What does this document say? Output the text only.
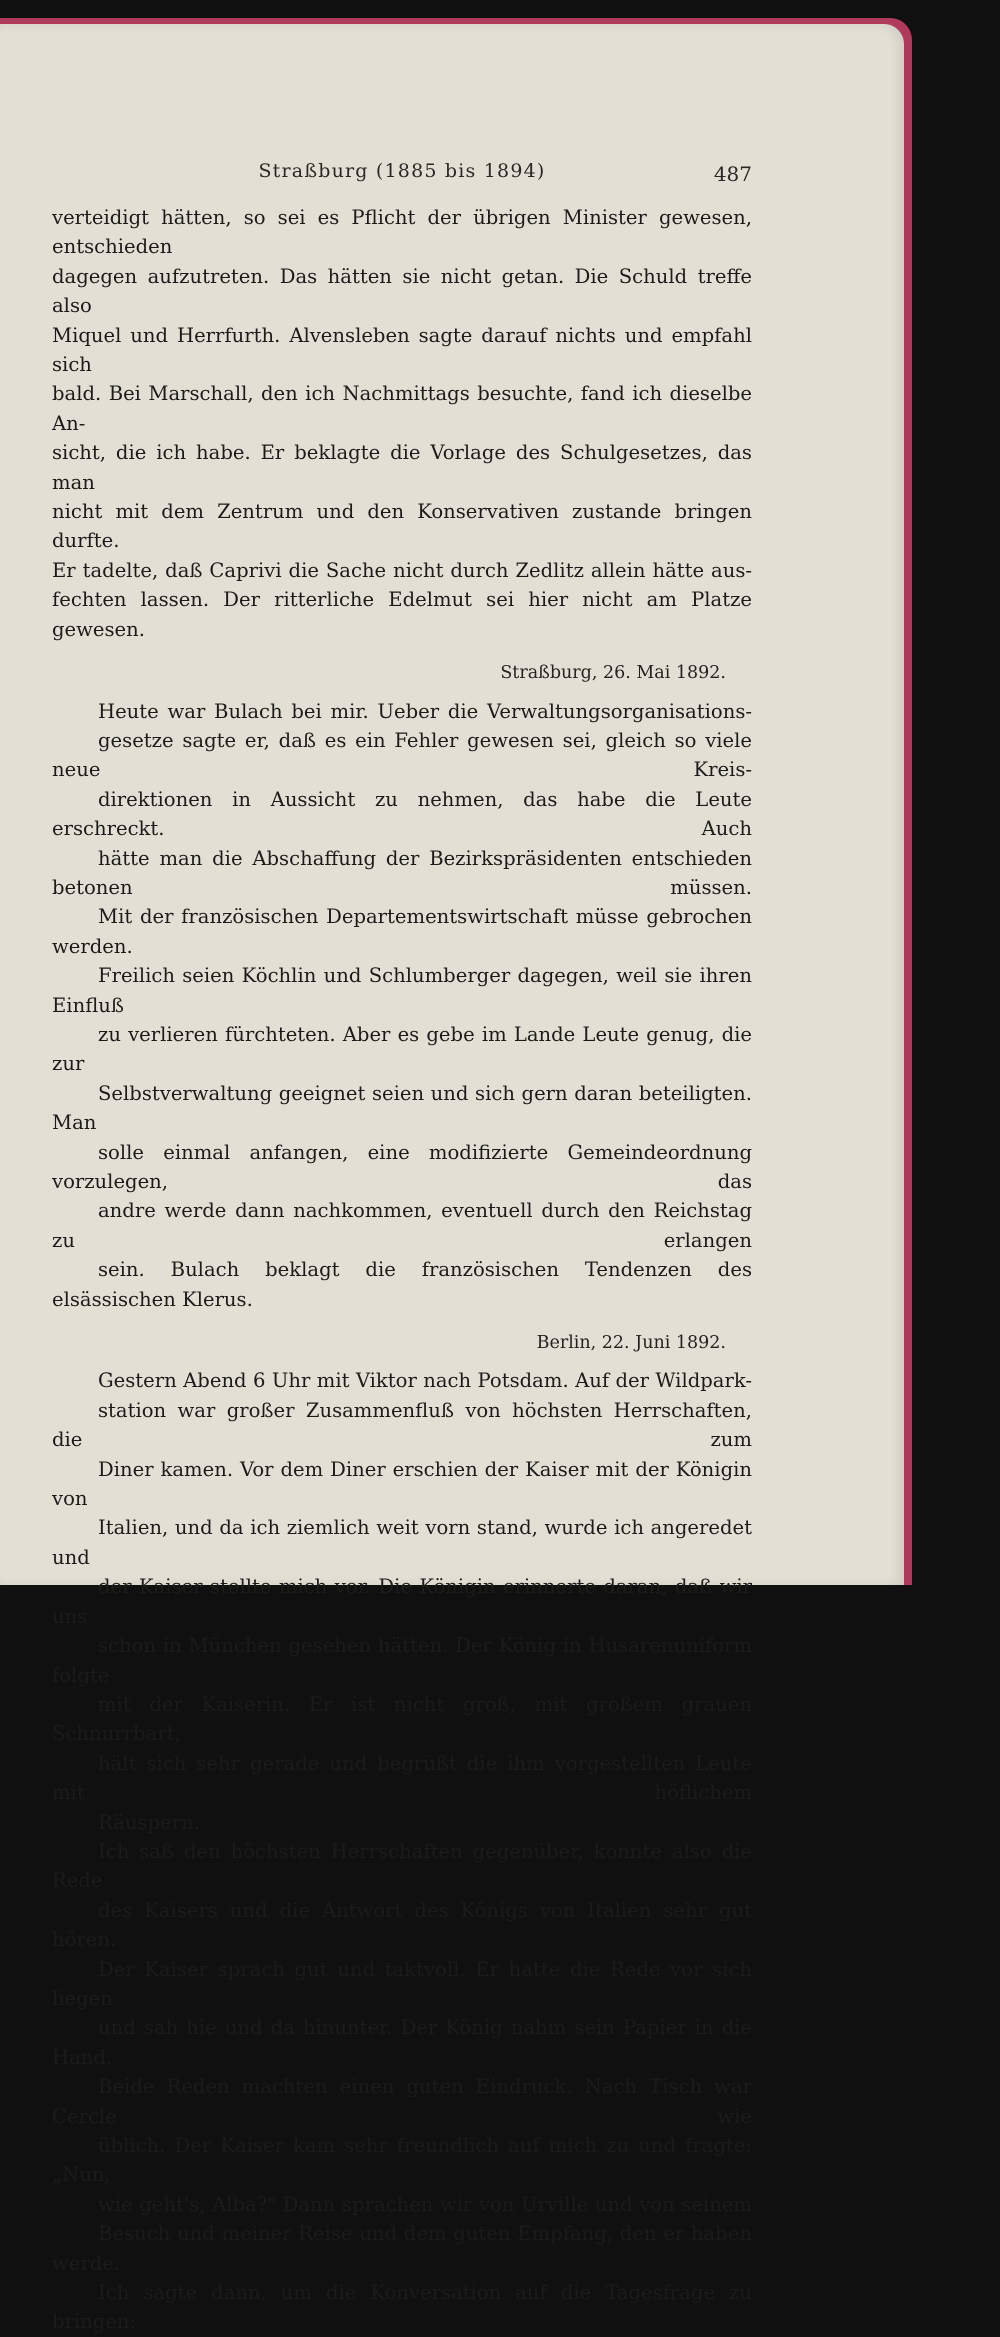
Straßburg (1885 bis 1894)	487

verteidigt hätten, so sei es Pflicht der übrigen Minister gewesen, entschieden
dagegen aufzutreten. Das hätten sie nicht getan. Die Schuld treffe also
Miquel und Herrfurth. Alvensleben sagte darauf nichts und empfahl sich
bald. Bei Marschall, den ich Nachmittags besuchte, fand ich dieselbe An-
sicht, die ich habe. Er beklagte die Vorlage des Schulgesetzes, das man
nicht mit dem Zentrum und den Konservativen zustande bringen durfte.
Er tadelte, daß Caprivi die Sache nicht durch Zedlitz allein hätte aus-
fechten lassen. Der ritterliche Edelmut sei hier nicht am Platze gewesen.

Straßburg, 26. Mai 1892.

Heute war Bulach bei mir. Ueber die Verwaltungsorganisations-
gesetze sagte er, daß es ein Fehler gewesen sei, gleich so viele neue Kreis-
direktionen in Aussicht zu nehmen, das habe die Leute erschreckt. Auch
hätte man die Abschaffung der Bezirkspräsidenten entschieden betonen müssen.
Mit der französischen Departementswirtschaft müsse gebrochen werden.
Freilich seien Köchlin und Schlumberger dagegen, weil sie ihren Einfluß
zu verlieren fürchteten. Aber es gebe im Lande Leute genug, die zur
Selbstverwaltung geeignet seien und sich gern daran beteiligten. Man
solle einmal anfangen, eine modifizierte Gemeindeordnung vorzulegen, das
andre werde dann nachkommen, eventuell durch den Reichstag zu erlangen
sein. Bulach beklagt die französischen Tendenzen des elsässischen Klerus.

Berlin, 22. Juni 1892.

Gestern Abend 6 Uhr mit Viktor nach Potsdam. Auf der Wildpark-
station war großer Zusammenfluß von höchsten Herrschaften, die zum
Diner kamen. Vor dem Diner erschien der Kaiser mit der Königin von
Italien, und da ich ziemlich weit vorn stand, wurde ich angeredet und
der Kaiser stellte mich vor. Die Königin erinnerte daran, daß wir uns
schon in München gesehen hätten. Der König in Husarenuniform folgte
mit der Kaiserin. Er ist nicht groß, mit großem grauen Schnurrbart,
hält sich sehr gerade und begrüßt die ihm vorgestellten Leute mit höflichem
Räuspern.

Ich saß den höchsten Herrschaften gegenüber, konnte also die Rede
des Kaisers und die Antwort des Königs von Italien sehr gut hören.
Der Kaiser sprach gut und taktvoll. Er hatte die Rede vor sich liegen
und sah hie und da hinunter. Der König nahm sein Papier in die Hand.
Beide Reden machten einen guten Eindruck. Nach Tisch war Cercle wie
üblich. Der Kaiser kam sehr freundlich auf mich zu und fragte: „Nun,
wie geht's, Alba?" Dann sprachen wir von Urville und von seinem
Besuch und meiner Reise und dem guten Empfang, den er haben werde.
Ich sagte dann, um die Konversation auf die Tagesfrage zu bringen:
